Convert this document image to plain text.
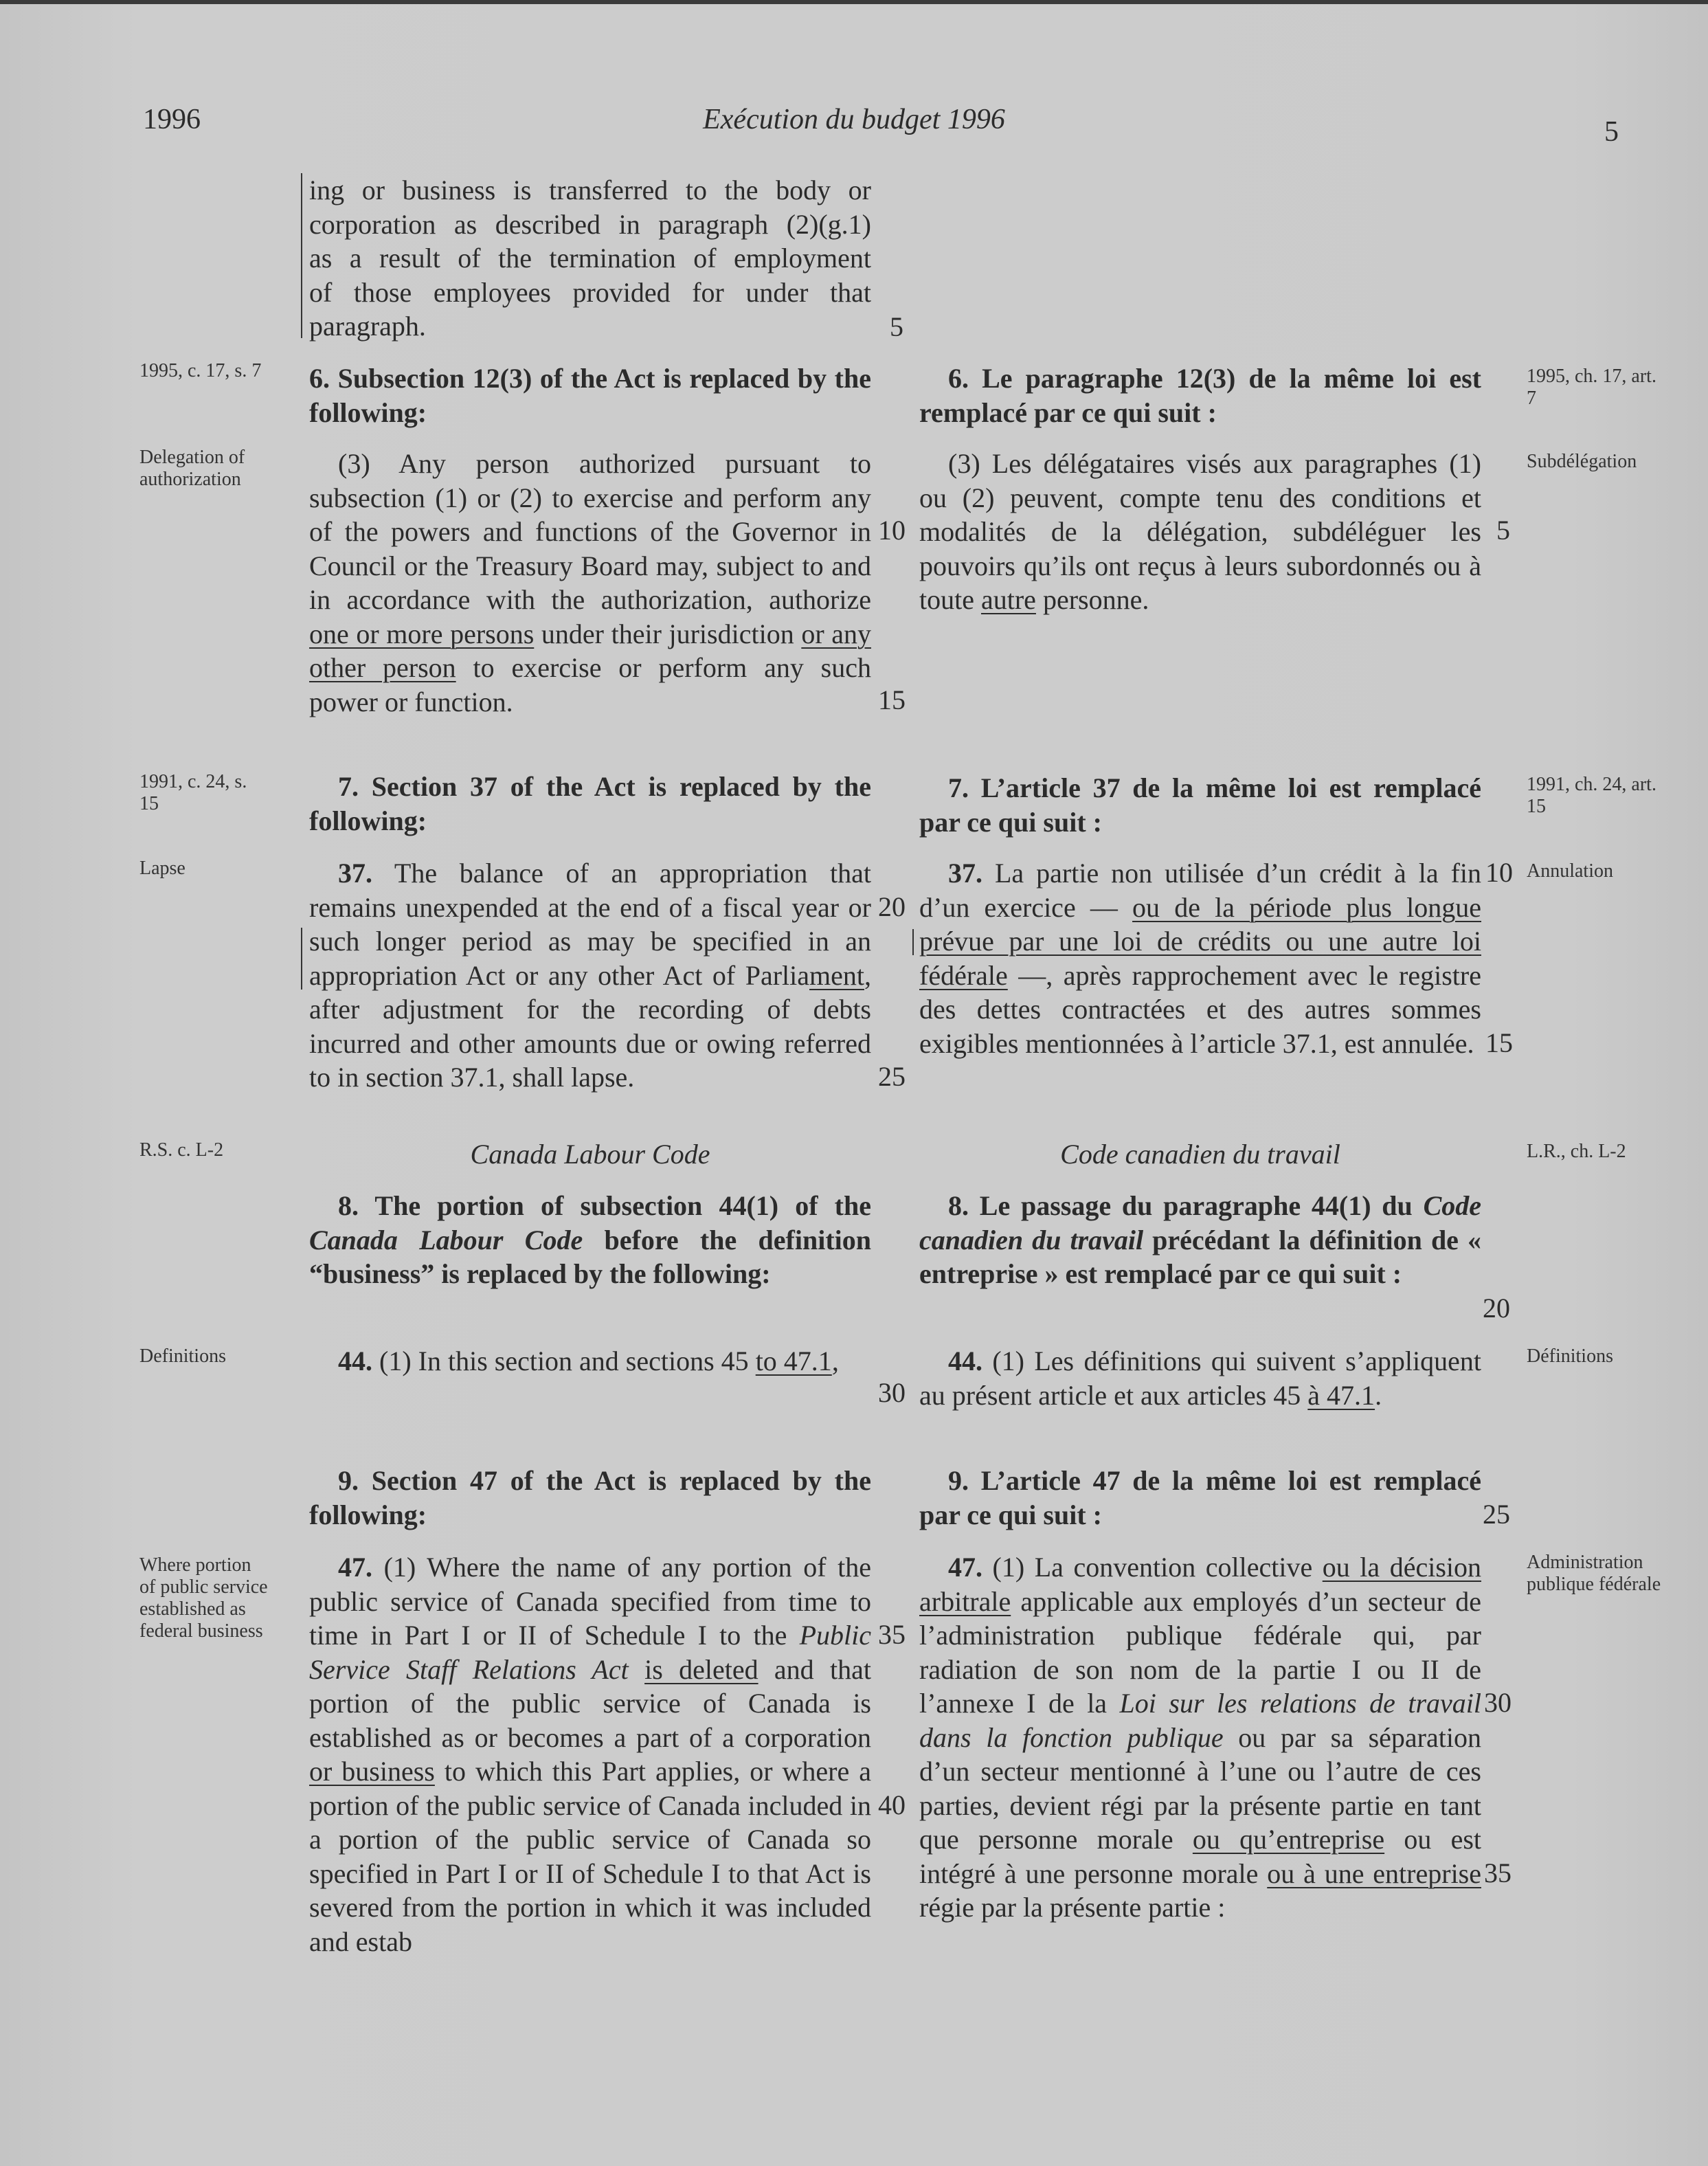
1996	Exécution du budget 1996	5
1995, c. 17, s. 7
Delegation of authorization
1991, c. 24, s. 15
Lapse
R.S. c. L-2
Definitions
Where portion of public service established as federal business
1995, ch. 17, art. 7
Subdélégation
1991, ch. 24, art. 15
Annulation
L.R., ch. L-2
Définitions
Administration publique fédérale
ing or business is transferred to the body or
corporation as described in paragraph (2)(g.1)
as a result of the termination of employment
of those employees provided for under that
paragraph.
6. Subsection 12(3) of the Act is replaced by the following:
(3) Any person authorized pursuant to subsection (1) or (2) to exercise and perform any of the powers and functions of the Governor in Council or the Treasury Board may, subject to and in accordance with the authorization, authorize one or more persons under their jurisdiction or any other person to exercise or perform any such power or function.
7. Section 37 of the Act is replaced by the following:
37. The balance of an appropriation that remains unexpended at the end of a fiscal year or such longer period as may be specified in an appropriation Act or any other Act of Parliament, after adjustment for the recording of debts incurred and other amounts due or owing referred to in section 37.1, shall lapse.
Canada Labour Code
8. The portion of subsection 44(1) of the Canada Labour Code before the definition “business” is replaced by the following:
44. (1) In this section and sections 45 to 47.1,
9. Section 47 of the Act is replaced by the following:
47. (1) Where the name of any portion of the public service of Canada specified from time to time in Part I or II of Schedule I to the Public Service Staff Relations Act is deleted and that portion of the public service of Canada is established as or becomes a part of a corporation or business to which this Part applies, or where a portion of the public service of Canada included in a portion of the public service of Canada so specified in Part I or II of Schedule I to that Act is severed from the portion in which it was included and estab
6. Le paragraphe 12(3) de la même loi est remplacé par ce qui suit :
(3) Les délégataires visés aux paragraphes (1) ou (2) peuvent, compte tenu des conditions et modalités de la délégation, subdéléguer les pouvoirs qu’ils ont reçus à leurs subordonnés ou à toute autre personne.
7. L’article 37 de la même loi est remplacé par ce qui suit :
37. La partie non utilisée d’un crédit à la fin d’un exercice — ou de la période plus longue prévue par une loi de crédits ou une autre loi fédérale —, après rapprochement avec le registre des dettes contractées et des autres sommes exigibles mentionnées à l’article 37.1, est annulée.
Code canadien du travail
8. Le passage du paragraphe 44(1) du Code canadien du travail précédant la définition de « entreprise » est remplacé par ce qui suit :
44. (1) Les définitions qui suivent s’appliquent au présent article et aux articles 45 à 47.1.
9. L’article 47 de la même loi est remplacé par ce qui suit :
47. (1) La convention collective ou la décision arbitrale applicable aux employés d’un secteur de l’administration publique fédérale qui, par radiation de son nom de la partie I ou II de l’annexe I de la Loi sur les relations de travail dans la fonction publique ou par sa séparation d’un secteur mentionné à l’une ou l’autre de ces parties, devient régi par la présente partie en tant que personne morale ou qu’entreprise ou est intégré à une personne morale ou à une entreprise régie par la présente partie :
5
10
15
20
25
30
35
40
5
10
15
20
25
30
35
